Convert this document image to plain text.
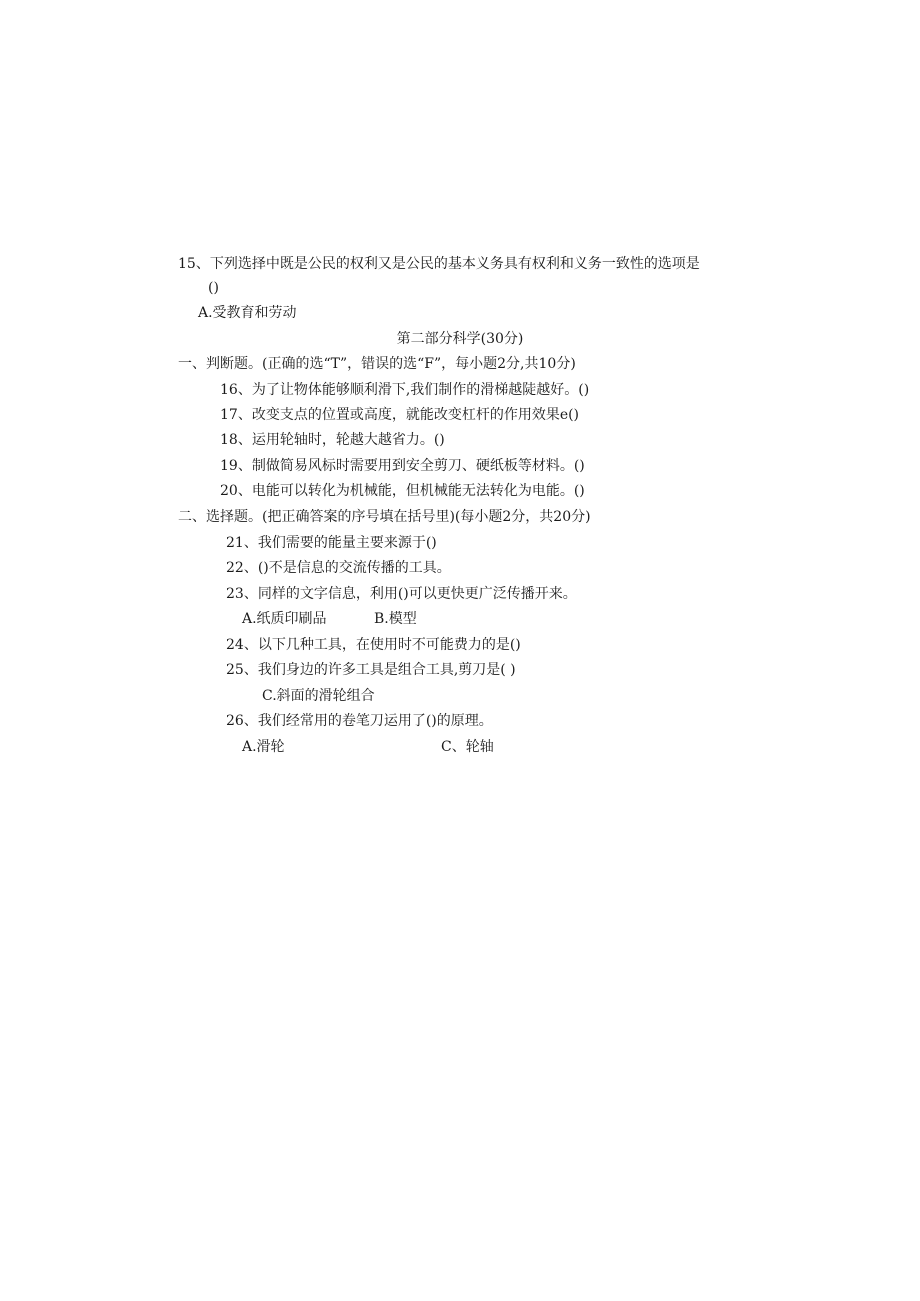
15、下列选择中既是公民的权利又是公民的基本义务具有权利和义务一致性的选项是
()
A.受教育和劳动
第二部分科学(30分)
一、判断题。(正确的选“T”，错误的选“F”，每小题2分,共10分)
16、为了让物体能够顺利滑下,我们制作的滑梯越陡越好。()
17、改变支点的位置或高度，就能改变杠杆的作用效果e()
18、运用轮轴时，轮越大越省力。()
19、制做简易风标时需要用到安全剪刀、硬纸板等材料。()
20、电能可以转化为机械能，但机械能无法转化为电能。()
二、选择题。(把正确答案的序号填在括号里)(每小题2分，共20分)
21、我们需要的能量主要来源于()
22、()不是信息的交流传播的工具。
23、同样的文字信息，利用()可以更快更广泛传播开来。
A.纸质印刷品	B.模型
24、以下几种工具，在使用时不可能费力的是()
25、我们身边的许多工具是组合工具,剪刀是( )
C.斜面的滑轮组合
26、我们经常用的卷笔刀运用了()的原理。
A.滑轮	C、轮轴
